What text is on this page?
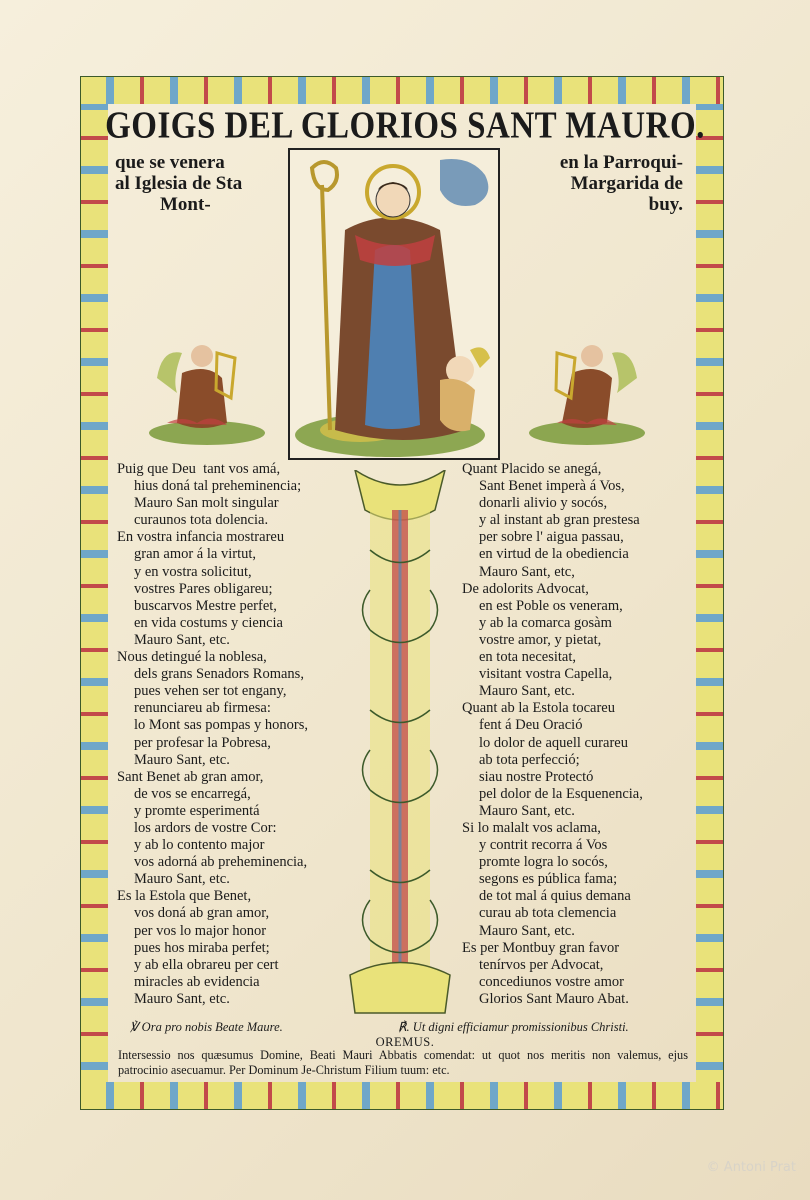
GOIGS DEL GLORIOS SANT MAURO.
que se venera
al Iglesia de Sta
Mont-
en la Parroqui-
Margarida de
buy.
Puig que Deu  tant vos amá,
hius doná tal preheminencia;
Mauro San molt singular
curaunos tota dolencia.
En vostra infancia mostrareu
gran amor á la virtut,
y en vostra solicitut,
vostres Pares obligareu;
buscarvos Mestre perfet,
en vida costums y ciencia
Mauro Sant, etc.
Nous detingué la noblesa,
dels grans Senadors Romans,
pues vehen ser tot engany,
renunciareu ab firmesa:
lo Mont sas pompas y honors,
per profesar la Pobresa,
Mauro Sant, etc.
Sant Benet ab gran amor,
de vos se encarregá,
y promte esperimentá
los ardors de vostre Cor:
y ab lo contento major
vos adorná ab preheminencia,
Mauro Sant, etc.
Es la Estola que Benet,
vos doná ab gran amor,
per vos lo major honor
pues hos miraba perfet;
y ab ella obrareu per cert
miracles ab evidencia
Mauro Sant, etc.
Quant Placido se anegá,
Sant Benet imperà á Vos,
donarli alivio y socós,
y al instant ab gran prestesa
per sobre l' aigua passau,
en virtud de la obediencia
Mauro Sant, etc,
De adolorits Advocat,
en est Poble os veneram,
y ab la comarca gosàm
vostre amor, y pietat,
en tota necesitat,
visitant vostra Capella,
Mauro Sant, etc.
Quant ab la Estola tocareu
fent á Deu Oració
lo dolor de aquell curareu
ab tota perfecció;
siau nostre Protectó
pel dolor de la Esquenencia,
Mauro Sant, etc.
Si lo malalt vos aclama,
y contrit recorra á Vos
promte logra lo socós,
segons es pública fama;
de tot mal á quius demana
curau ab tota clemencia
Mauro Sant, etc.
Es per Montbuy gran favor
tenírvos per Advocat,
concediunos vostre amor
Glorios Sant Mauro Abat.
℣ Ora pro nobis Beate Maure.	℟. Ut digni efficiamur promissionibus Christi.
OREMUS.
Intersessio nos quæsumus Domine, Beati Mauri Abbatis comendat: ut quot nos meritis non valemus, ejus patrocinio asecuamur. Per Dominum Je-Christum Filium tuum: etc.
© Antoni Prat
